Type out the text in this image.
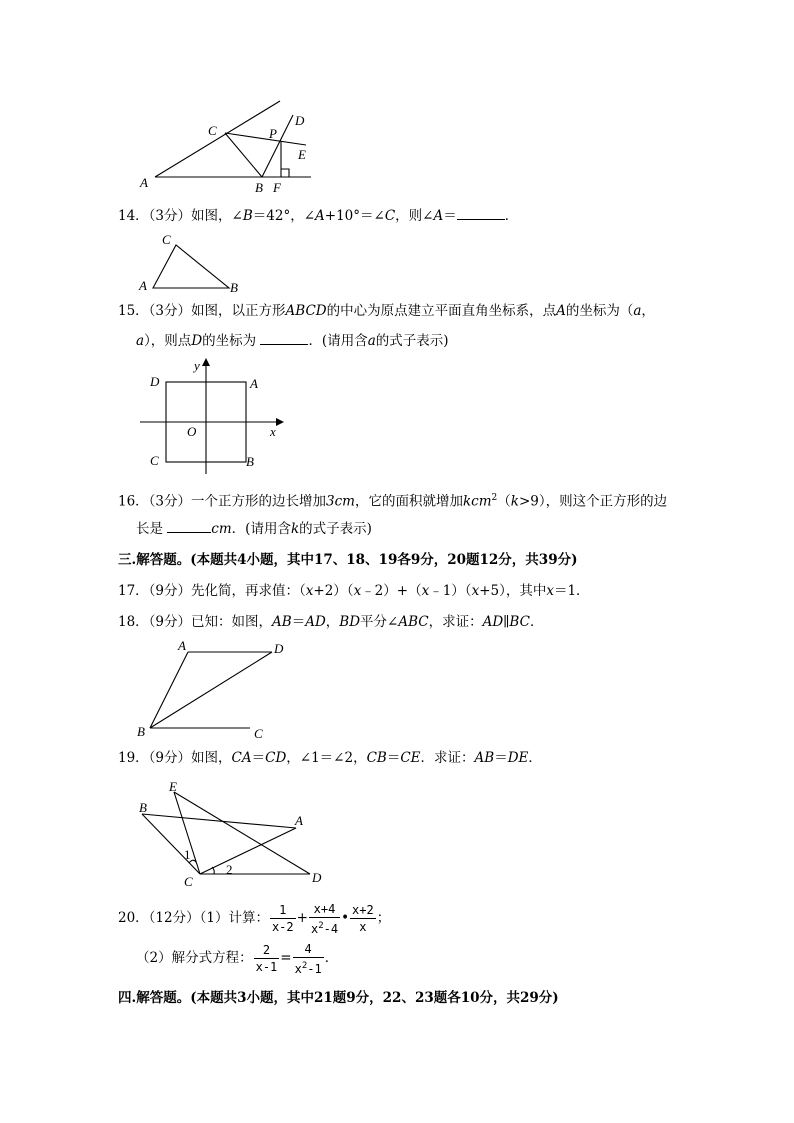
A
C
B F
P
D
E
14．（3分）如图，∠B＝42°，∠A+10°＝∠C，则∠A＝	．
A
C
B
15．（3分）如图，以正方形ABCD的中心为原点建立平面直角坐标系，点A的坐标为（a，
a），则点D的坐标为	．(请用含a的式子表示)
D	A
C	B
O	x
y
16．（3分）一个正方形的边长增加3cm，它的面积就增加kcm$^2$（k>9），则这个正方形的边
长是	cm．(请用含k的式子表示)
三.解答题。(本题共4小题，其中17、18、19各9分，20题12分，共39分)
17．（9分）先化简，再求值：（x+2）（x﹣2）+（x﹣1）（x+5），其中x＝1．
18．（9分）已知：如图，AB＝AD，BD平分∠ABC，求证：AD∥BC．
A	D
B	C
19．（9分）如图，CA＝CD，∠1＝∠2，CB＝CE．求证：AB＝DE．
B
E
A
C	D
1
2
20．（12分）（1）计算： $\frac{1}{x-2} + \frac{x+4}{x^2-4}$ • $\frac{x+2}{x}$ ；
（2）解分式方程： $\frac{2}{x-1} = \frac{4}{x^2-1}$ ．
四.解答题。(本题共3小题，其中21题9分，22、23题各10分，共29分)
